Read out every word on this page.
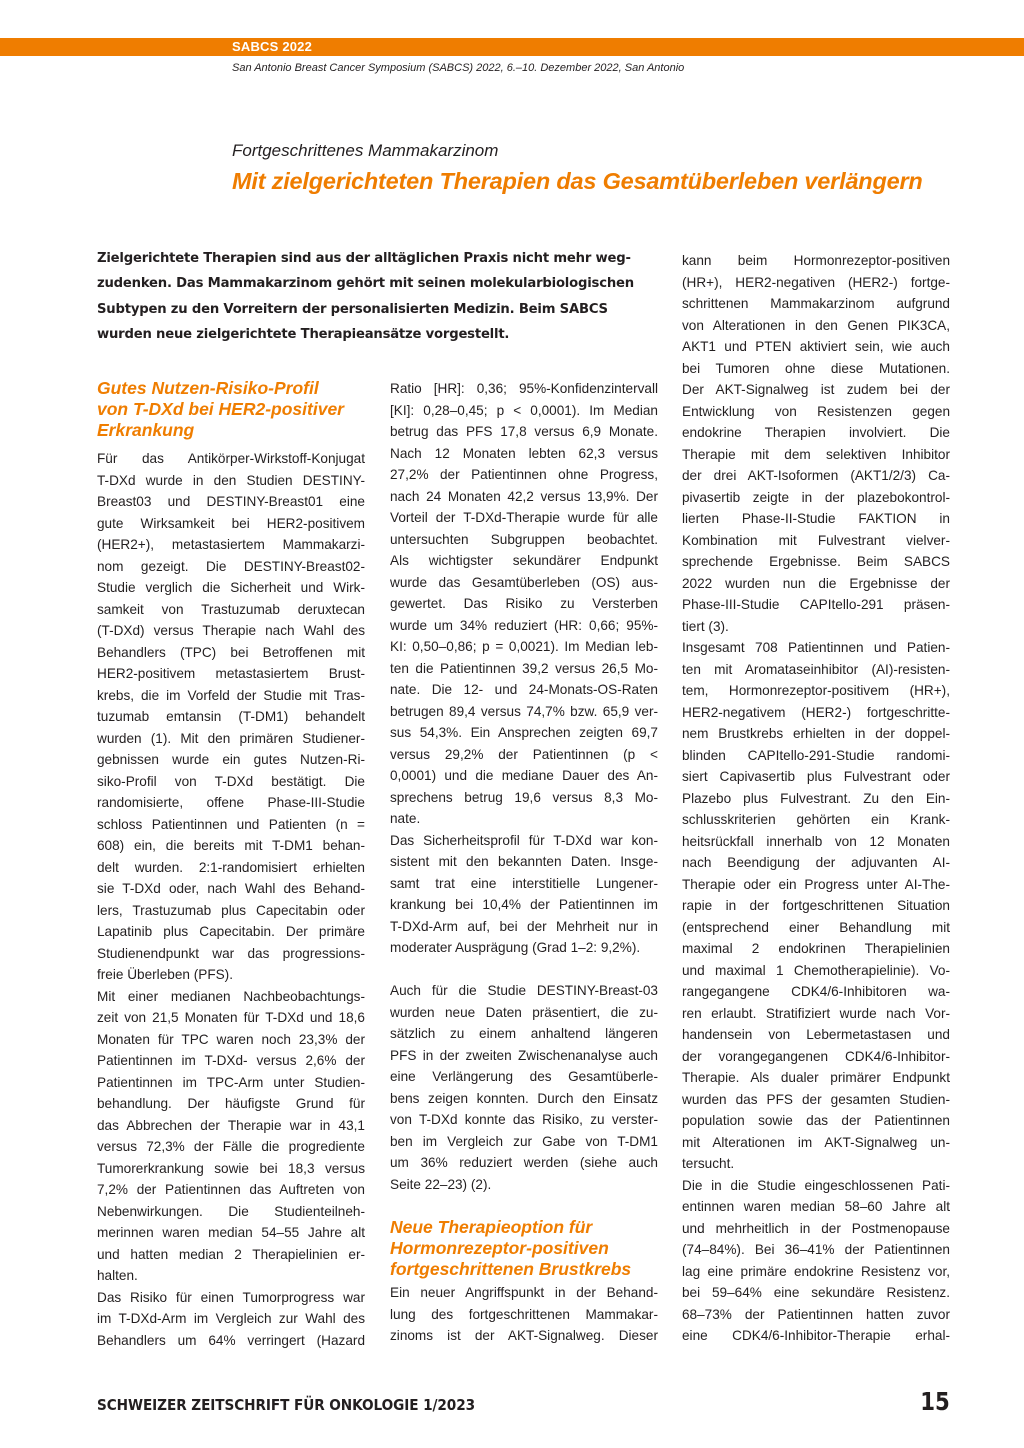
SABCS 2022
San Antonio Breast Cancer Symposium (SABCS) 2022, 6.–10. Dezember 2022, San Antonio
Fortgeschrittenes Mammakarzinom
Mit zielgerichteten Therapien das Gesamtüberleben verlängern
Zielgerichtete Therapien sind aus der alltäglichen Praxis nicht mehr weg-
zudenken. Das Mammakarzinom gehört mit seinen molekularbiologischen
Subtypen zu den Vorreitern der personalisierten Medizin. Beim SABCS
wurden neue zielgerichtete Therapieansätze vorgestellt.
Gutes Nutzen-Risiko-Profil
von T-DXd bei HER2-positiver
Erkrankung
Für das Antikörper-Wirkstoff-Konjugat
T-DXd wurde in den Studien DESTINY-
Breast03 und DESTINY-Breast01 eine
gute Wirksamkeit bei HER2-positivem
(HER2+), metastasiertem Mammakarzi-
nom gezeigt. Die DESTINY-Breast02-
Studie verglich die Sicherheit und Wirk-
samkeit von Trastuzumab deruxtecan
(T-DXd) versus Therapie nach Wahl des
Behandlers (TPC) bei Betroffenen mit
HER2-positivem metastasiertem Brust-
krebs, die im Vorfeld der Studie mit Tras-
tuzumab emtansin (T-DM1) behandelt
wurden (1). Mit den primären Studiener-
gebnissen wurde ein gutes Nutzen-Ri-
siko-Profil von T-DXd bestätigt. Die
randomisierte, offene Phase-III-Studie
schloss Patientinnen und Patienten (n =
608) ein, die bereits mit T-DM1 behan-
delt wurden. 2:1-randomisiert erhielten
sie T-DXd oder, nach Wahl des Behand-
lers, Trastuzumab plus Capecitabin oder
Lapatinib plus Capecitabin. Der primäre
Studienendpunkt war das progressions-
freie Überleben (PFS).
Mit einer medianen Nachbeobachtungs-
zeit von 21,5 Monaten für T-DXd und 18,6
Monaten für TPC waren noch 23,3% der
Patientinnen im T-DXd- versus 2,6% der
Patientinnen im TPC-Arm unter Studien-
behandlung. Der häufigste Grund für
das Abbrechen der Therapie war in 43,1
versus 72,3% der Fälle die progrediente
Tumorerkrankung sowie bei 18,3 versus
7,2% der Patientinnen das Auftreten von
Nebenwirkungen. Die Studienteilneh-
merinnen waren median 54–55 Jahre alt
und hatten median 2 Therapielinien er-
halten.
Das Risiko für einen Tumorprogress war
im T-DXd-Arm im Vergleich zur Wahl des
Behandlers um 64% verringert (Hazard
Ratio [HR]: 0,36; 95%-Konfidenzintervall
[KI]: 0,28–0,45; p < 0,0001). Im Median
betrug das PFS 17,8 versus 6,9 Monate.
Nach 12 Monaten lebten 62,3 versus
27,2% der Patientinnen ohne Progress,
nach 24 Monaten 42,2 versus 13,9%. Der
Vorteil der T-DXd-Therapie wurde für alle
untersuchten Subgruppen beobachtet.
Als wichtigster sekundärer Endpunkt
wurde das Gesamtüberleben (OS) aus-
gewertet. Das Risiko zu Versterben
wurde um 34% reduziert (HR: 0,66; 95%-
KI: 0,50–0,86; p = 0,0021). Im Median leb-
ten die Patientinnen 39,2 versus 26,5 Mo-
nate. Die 12- und 24-Monats-OS-Raten
betrugen 89,4 versus 74,7% bzw. 65,9 ver-
sus 54,3%. Ein Ansprechen zeigten 69,7
versus 29,2% der Patientinnen (p <
0,0001) und die mediane Dauer des An-
sprechens betrug 19,6 versus 8,3 Mo-
nate.
Das Sicherheitsprofil für T-DXd war kon-
sistent mit den bekannten Daten. Insge-
samt trat eine interstitielle Lungener-
krankung bei 10,4% der Patientinnen im
T-DXd-Arm auf, bei der Mehrheit nur in
moderater Ausprägung (Grad 1–2: 9,2%).

Auch für die Studie DESTINY-Breast-03
wurden neue Daten präsentiert, die zu-
sätzlich zu einem anhaltend längeren
PFS in der zweiten Zwischenanalyse auch
eine Verlängerung des Gesamtüberle-
bens zeigen konnten. Durch den Einsatz
von T-DXd konnte das Risiko, zu verster-
ben im Vergleich zur Gabe von T-DM1
um 36% reduziert werden (siehe auch
Seite 22–23) (2).
Neue Therapieoption für
Hormonrezeptor-positiven
fortgeschrittenen Brustkrebs
Ein neuer Angriffspunkt in der Behand-
lung des fortgeschrittenen Mammakar-
zinoms ist der AKT-Signalweg. Dieser
kann beim Hormonrezeptor-positiven
(HR+), HER2-negativen (HER2-) fortge-
schrittenen Mammakarzinom aufgrund
von Alterationen in den Genen PIK3CA,
AKT1 und PTEN aktiviert sein, wie auch
bei Tumoren ohne diese Mutationen.
Der AKT-Signalweg ist zudem bei der
Entwicklung von Resistenzen gegen
endokrine Therapien involviert. Die
Therapie mit dem selektiven Inhibitor
der drei AKT-Isoformen (AKT1/2/3) Ca-
pivasertib zeigte in der plazebokontrol-
lierten Phase-II-Studie FAKTION in
Kombination mit Fulvestrant vielver-
sprechende Ergebnisse. Beim SABCS
2022 wurden nun die Ergebnisse der
Phase-III-Studie CAPItello-291 präsen-
tiert (3).
Insgesamt 708 Patientinnen und Patien-
ten mit Aromataseinhibitor (AI)-resisten-
tem, Hormonrezeptor-positivem (HR+),
HER2-negativem (HER2-) fortgeschritte-
nem Brustkrebs erhielten in der doppel-
blinden CAPItello-291-Studie randomi-
siert Capivasertib plus Fulvestrant oder
Plazebo plus Fulvestrant. Zu den Ein-
schlusskriterien gehörten ein Krank-
heitsrückfall innerhalb von 12 Monaten
nach Beendigung der adjuvanten AI-
Therapie oder ein Progress unter AI-The-
rapie in der fortgeschrittenen Situation
(entsprechend einer Behandlung mit
maximal 2 endokrinen Therapielinien
und maximal 1 Chemotherapielinie). Vo-
rangegangene CDK4/6-Inhibitoren wa-
ren erlaubt. Stratifiziert wurde nach Vor-
handensein von Lebermetastasen und
der vorangegangenen CDK4/6-Inhibitor-
Therapie. Als dualer primärer Endpunkt
wurden das PFS der gesamten Studien-
population sowie das der Patientinnen
mit Alterationen im AKT-Signalweg un-
tersucht.
Die in die Studie eingeschlossenen Pati-
entinnen waren median 58–60 Jahre alt
und mehrheitlich in der Postmenopause
(74–84%). Bei 36–41% der Patientinnen
lag eine primäre endokrine Resistenz vor,
bei 59–64% eine sekundäre Resistenz.
68–73% der Patientinnen hatten zuvor
eine CDK4/6-Inhibitor-Therapie erhal-
SCHWEIZER ZEITSCHRIFT FÜR ONKOLOGIE 1/2023	15
